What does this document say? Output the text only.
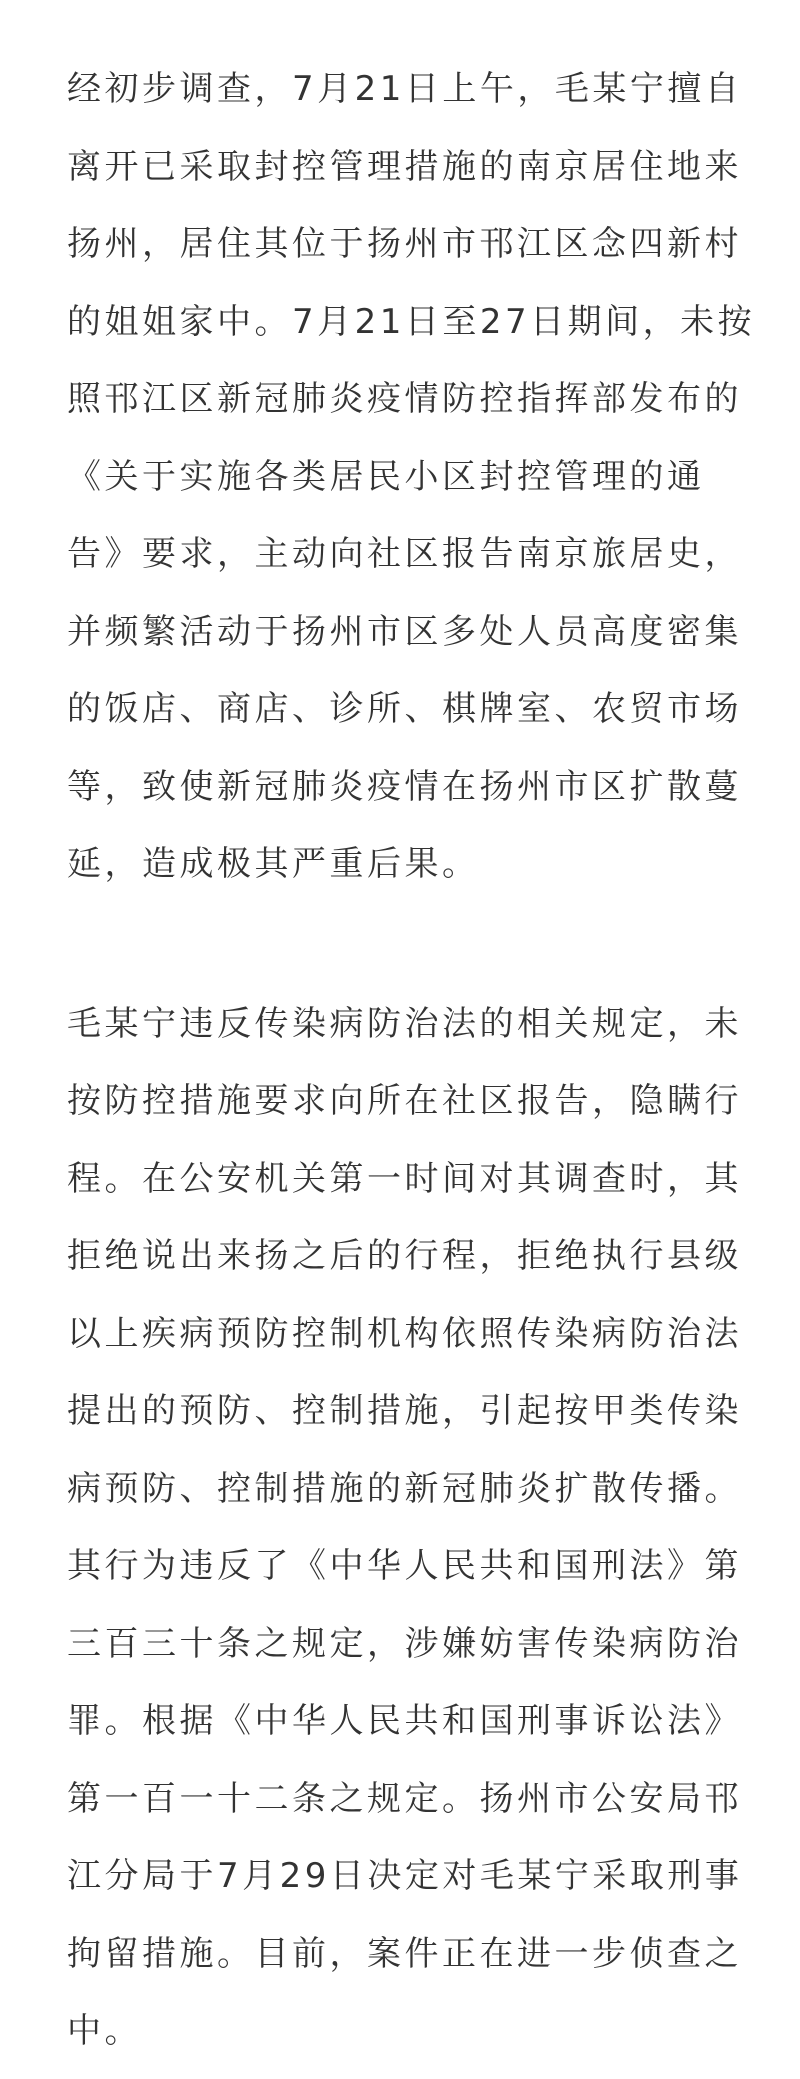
经初步调查，7月21日上午，毛某宁擅自
离开已采取封控管理措施的南京居住地来
扬州，居住其位于扬州市邗江区念四新村
的姐姐家中。7月21日至27日期间，未按
照邗江区新冠肺炎疫情防控指挥部发布的
《关于实施各类居民小区封控管理的通
告》要求，主动向社区报告南京旅居史，
并频繁活动于扬州市区多处人员高度密集
的饭店、商店、诊所、棋牌室、农贸市场
等，致使新冠肺炎疫情在扬州市区扩散蔓
延，造成极其严重后果。

毛某宁违反传染病防治法的相关规定，未
按防控措施要求向所在社区报告，隐瞒行
程。在公安机关第一时间对其调查时，其
拒绝说出来扬之后的行程，拒绝执行县级
以上疾病预防控制机构依照传染病防治法
提出的预防、控制措施，引起按甲类传染
病预防、控制措施的新冠肺炎扩散传播。
其行为违反了《中华人民共和国刑法》第
三百三十条之规定，涉嫌妨害传染病防治
罪。根据《中华人民共和国刑事诉讼法》
第一百一十二条之规定。扬州市公安局邗
江分局于7月29日决定对毛某宁采取刑事
拘留措施。目前，案件正在进一步侦查之
中。
